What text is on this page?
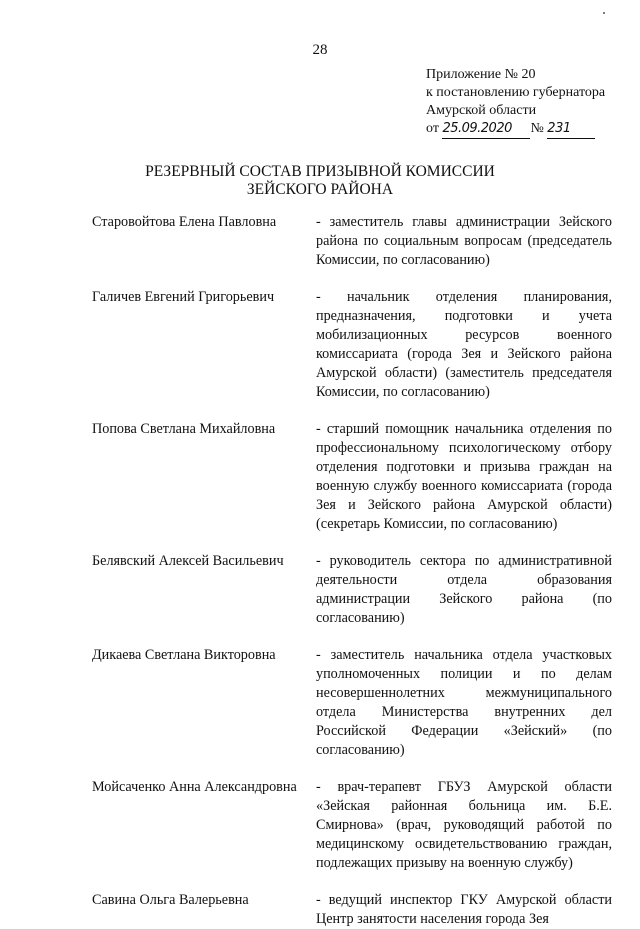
28
Приложение № 20
к постановлению губернатора
Амурской области
от 25.09.2020 № 231
РЕЗЕРВНЫЙ СОСТАВ ПРИЗЫВНОЙ КОМИССИИ
ЗЕЙСКОГО РАЙОНА
Старовойтова Елена Павловна	- заместитель главы администрации Зейского района по социальным вопросам (председатель Комиссии, по согласованию)
Галичев Евгений Григорьевич	- начальник отделения планирования, предназначения, подготовки и учета мобилизационных ресурсов военного комиссариата (города Зея и Зейского района Амурской области) (заместитель председателя Комиссии, по согласованию)
Попова Светлана Михайловна	- старший помощник начальника отделения по профессиональному психологическому отбору отделения подготовки и призыва граждан на военную службу военного комиссариата (города Зея и Зейского района Амурской области) (секретарь Комиссии, по согласованию)
Белявский Алексей Васильевич	- руководитель сектора по административной деятельности отдела образования администрации Зейского района (по согласованию)
Дикаева Светлана Викторовна	- заместитель начальника отдела участковых уполномоченных полиции и по делам несовершеннолетних межмуниципального отдела Министерства внутренних дел Российской Федерации «Зейский» (по согласованию)
Мойсаченко Анна Александровна	- врач-терапевт ГБУЗ Амурской области «Зейская районная больница им. Б.Е. Смирнова» (врач, руководящий работой по медицинскому освидетельствованию граждан, подлежащих призыву на военную службу)
Савина Ольга Валерьевна	- ведущий инспектор ГКУ Амурской области Центр занятости населения города Зея
